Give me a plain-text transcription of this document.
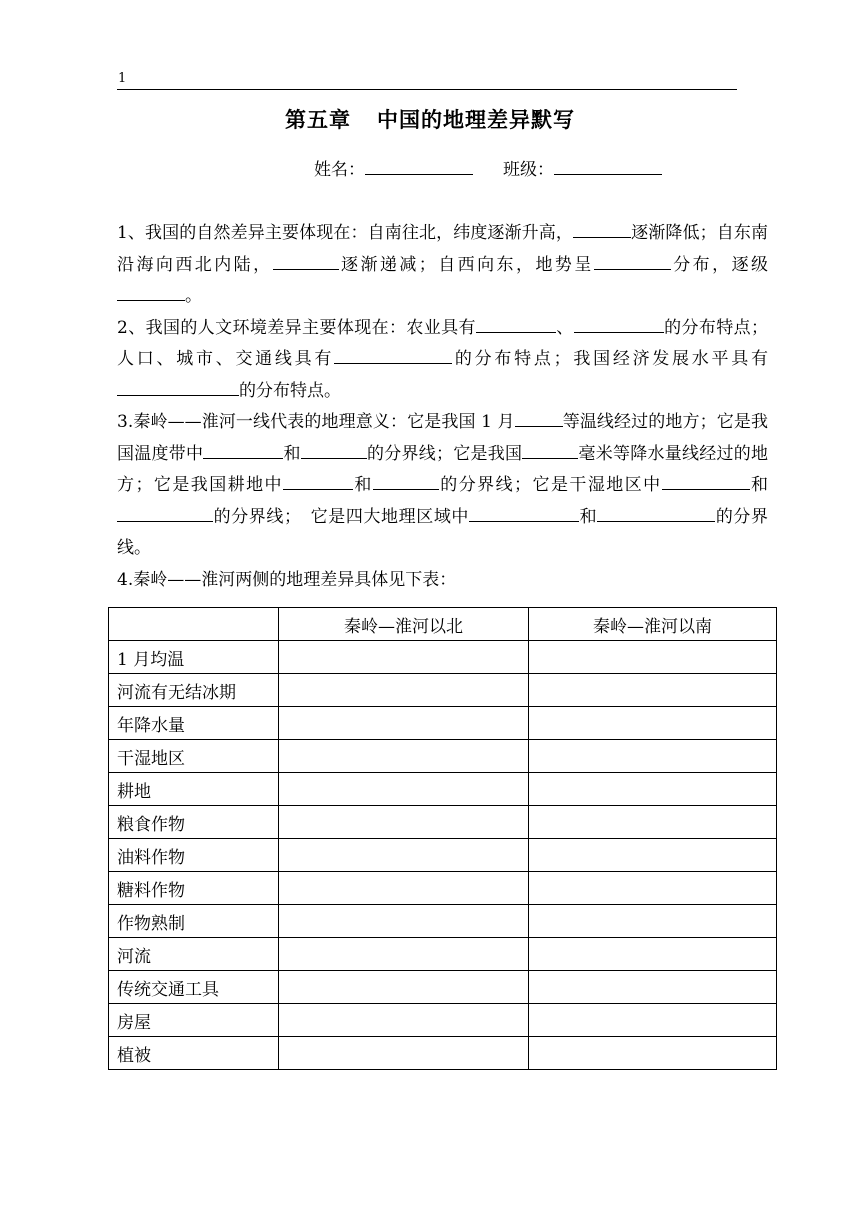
1
第五章 中国的地理差异默写
姓名：	班级：

1、我国的自然差异主要体现在：自南往北，纬度逐渐升高，	逐渐降低；自东南沿海向西北内陆，	逐渐递减；自西向东，地势呈	分布，逐级。

2、我国的人文环境差异主要体现在：农业具有	、	的分布特点；人口、城市、交通线具有	的分布特点；我国经济发展水平具有的分布特点。

3.秦岭——淮河一线代表的地理意义：它是我国 1 月	等温线经过的地方；它是我国温度带中	和	的分界线；它是我国	毫米等降水量线经过的地方；它是我国耕地中	和	的分界线；它是干湿地区中	和的分界线；　它是四大地理区域中	和	的分界线。

4.秦岭——淮河两侧的地理差异具体见下表：

	秦岭—淮河以北	秦岭—淮河以南
1 月均温		
河流有无结冰期		
年降水量		
干湿地区		
耕地		
粮食作物		
油料作物		
糖料作物		
作物熟制		
河流		
传统交通工具		
房屋		
植被		
